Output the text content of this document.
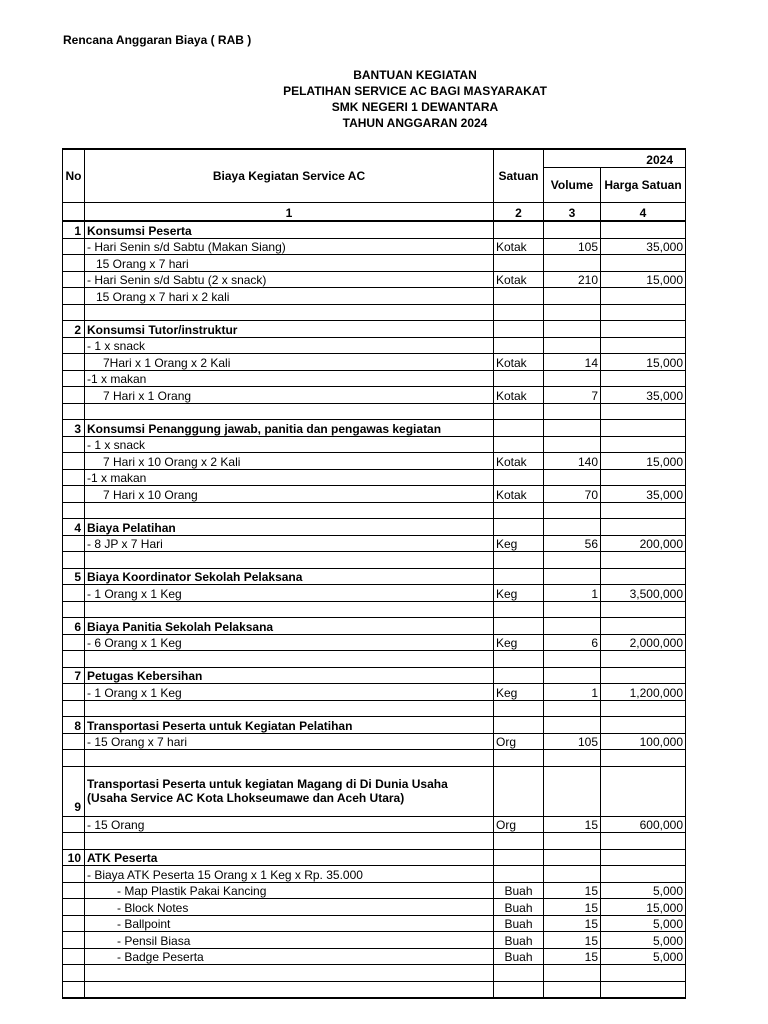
Rencana Anggaran Biaya ( RAB )
BANTUAN KEGIATAN
PELATIHAN SERVICE AC BAGI MASYARAKAT
SMK NEGERI 1 DEWANTARA
TAHUN ANGGARAN 2024
No	Biaya Kegiatan Service AC	Satuan	2024	
			Volume	Harga Satuan
	1	2	3	4
1	Konsumsi Peserta			
	- Hari Senin s/d Sabtu (Makan Siang)	Kotak	105	35,000
	15 Orang x 7 hari			
	- Hari Senin s/d Sabtu (2 x snack)	Kotak	210	15,000
	15 Orang x 7 hari x 2 kali			

2	Konsumsi Tutor/instruktur			
	- 1 x snack			
	7Hari x 1 Orang x 2 Kali	Kotak	14	15,000
	-1 x makan			
	7 Hari x 1 Orang	Kotak	7	35,000

3	Konsumsi Penanggung jawab, panitia dan pengawas kegiatan			
	- 1 x snack			
	7 Hari x 10 Orang x 2 Kali	Kotak	140	15,000
	-1 x makan			
	7 Hari x 10 Orang	Kotak	70	35,000

4	Biaya Pelatihan			
	- 8 JP x 7 Hari	Keg	56	200,000

5	Biaya Koordinator Sekolah Pelaksana			
	- 1 Orang x 1 Keg	Keg	1	3,500,000

6	Biaya Panitia Sekolah Pelaksana			
	- 6 Orang x 1 Keg	Keg	6	2,000,000

7	Petugas Kebersihan			
	- 1 Orang x 1 Keg	Keg	1	1,200,000

8	Transportasi Peserta untuk Kegiatan Pelatihan			
	- 15 Orang x 7 hari	Org	105	100,000

9	Transportasi Peserta untuk kegiatan Magang di Di Dunia Usaha
(Usaha Service AC Kota Lhokseumawe dan Aceh Utara)			
	- 15 Orang	Org	15	600,000

10	ATK Peserta			
	- Biaya ATK Peserta 15 Orang x 1 Keg x Rp. 35.000			
	- Map Plastik Pakai Kancing	Buah	15	5,000
	- Block Notes	Buah	15	15,000
	- Ballpoint	Buah	15	5,000
	- Pensil Biasa	Buah	15	5,000
	- Badge Peserta	Buah	15	5,000
